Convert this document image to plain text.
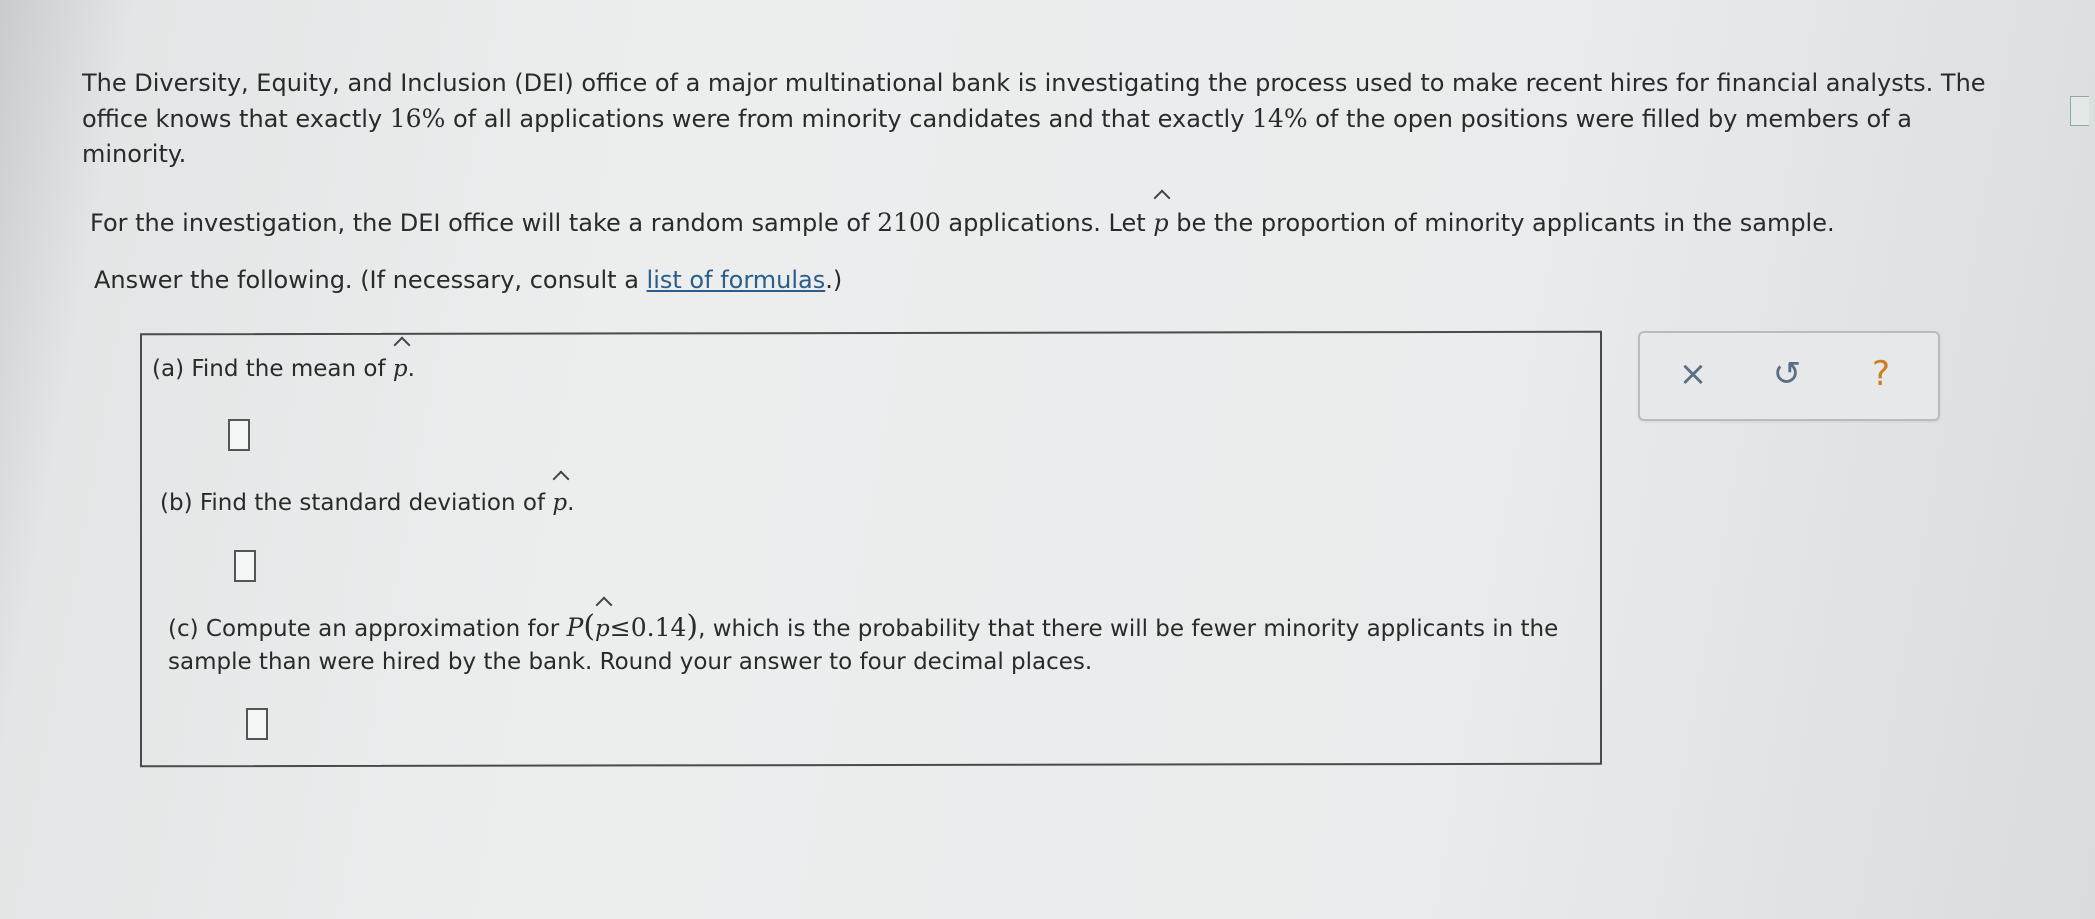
The Diversity, Equity, and Inclusion (DEI) office of a major multinational bank is investigating the process used to make recent hires for financial analysts. The office knows that exactly 16% of all applications were from minority candidates and that exactly 14% of the open positions were filled by members of a minority.
For the investigation, the DEI office will take a random sample of 2100 applications. Let p be the proportion of minority applicants in the sample.
Answer the following. (If necessary, consult a list of formulas.)
(a) Find the mean of p.
(b) Find the standard deviation of p.
(c) Compute an approximation for P(p≤0.14), which is the probability that there will be fewer minority applicants in the sample than were hired by the bank. Round your answer to four decimal places.
× ↺	?
